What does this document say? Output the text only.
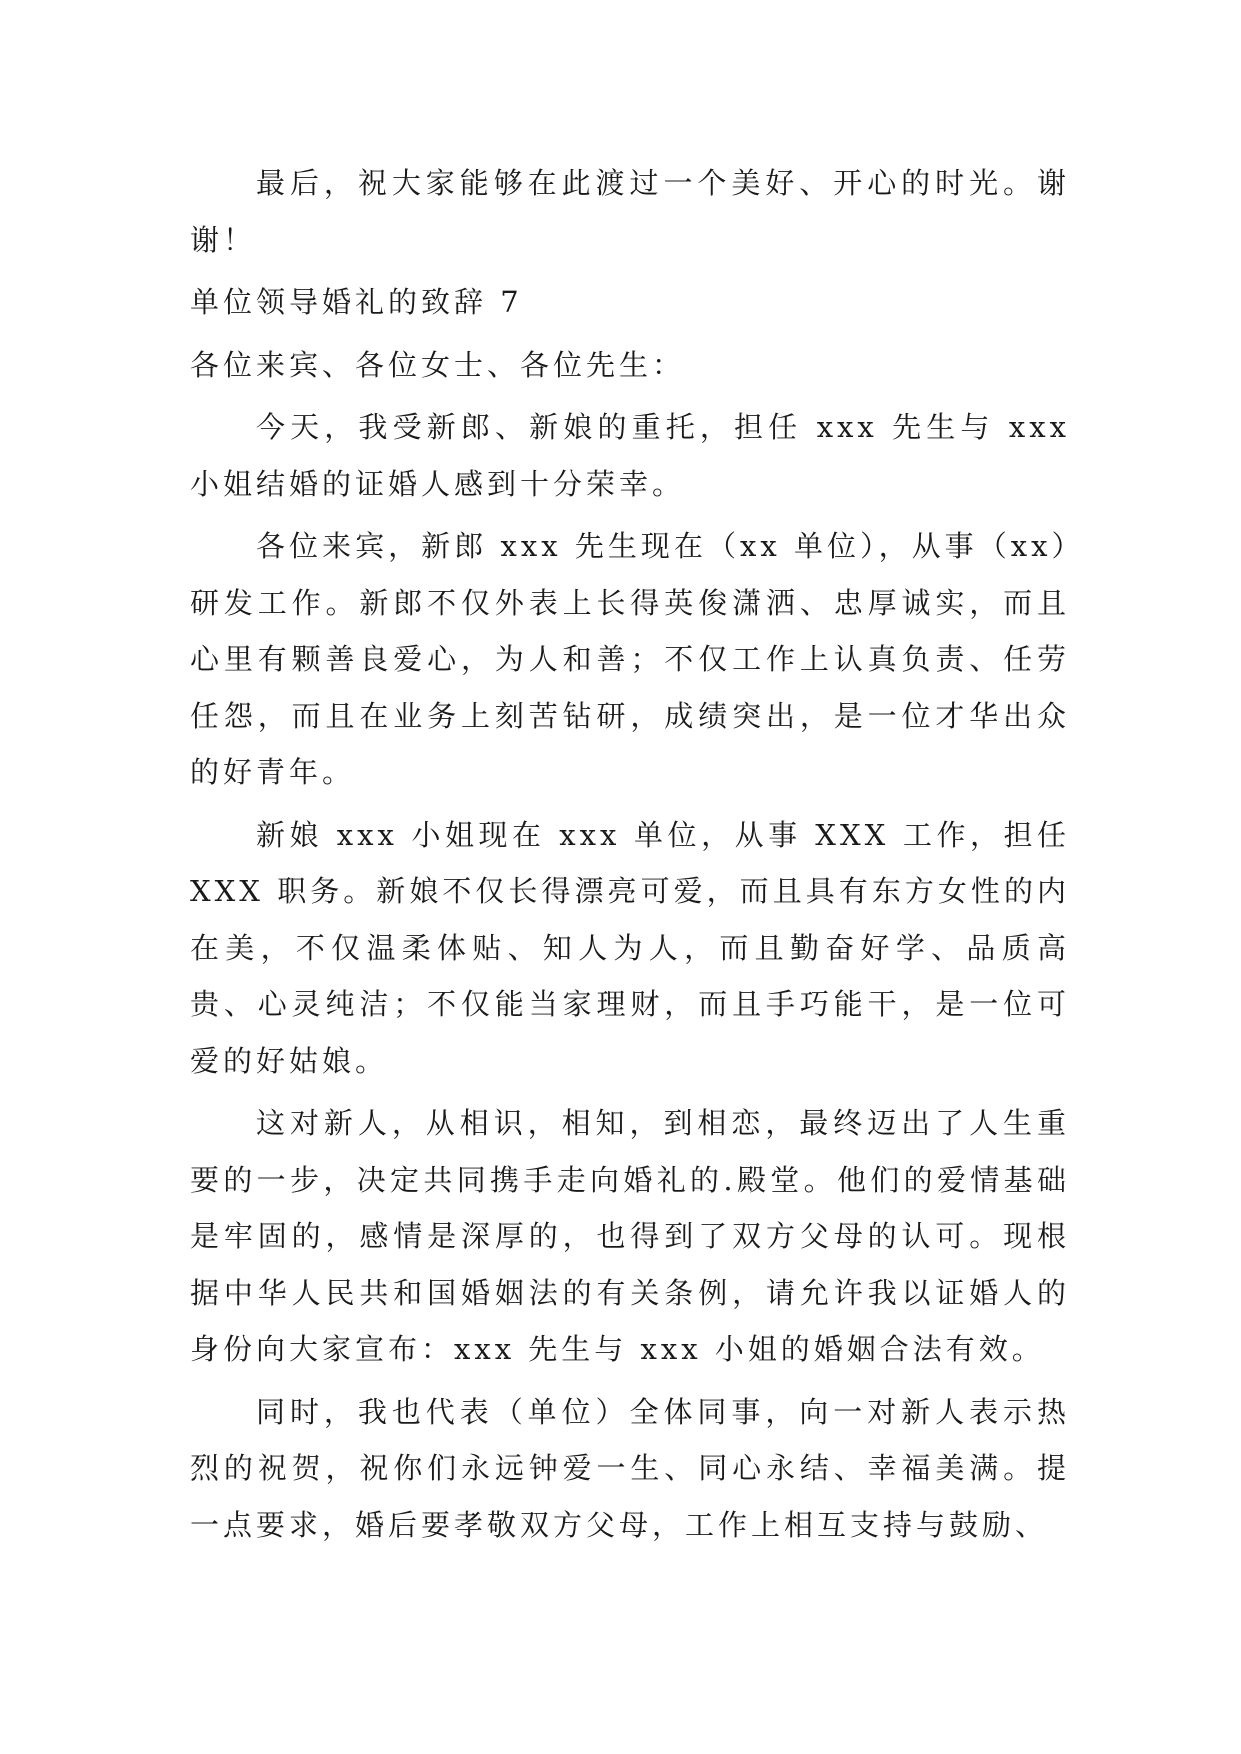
最后，祝大家能够在此渡过一个美好、开心的时光。谢谢！

单位领导婚礼的致辞 7

各位来宾、各位女士、各位先生：

今天，我受新郎、新娘的重托，担任 xxx 先生与 xxx 小姐结婚的证婚人感到十分荣幸。

各位来宾，新郎 xxx 先生现在（xx 单位），从事（xx）研发工作。新郎不仅外表上长得英俊潇洒、忠厚诚实，而且心里有颗善良爱心，为人和善；不仅工作上认真负责、任劳任怨，而且在业务上刻苦钻研，成绩突出，是一位才华出众的好青年。

新娘 xxx 小姐现在 xxx 单位，从事 XXX 工作，担任 XXX 职务。新娘不仅长得漂亮可爱，而且具有东方女性的内在美，不仅温柔体贴、知人为人，而且勤奋好学、品质高贵、心灵纯洁；不仅能当家理财，而且手巧能干，是一位可爱的好姑娘。

这对新人，从相识，相知，到相恋，最终迈出了人生重要的一步，决定共同携手走向婚礼的.殿堂。他们的爱情基础是牢固的，感情是深厚的，也得到了双方父母的认可。现根据中华人民共和国婚姻法的有关条例，请允许我以证婚人的身份向大家宣布：xxx 先生与 xxx 小姐的婚姻合法有效。

同时，我也代表（单位）全体同事，向一对新人表示热烈的祝贺，祝你们永远钟爱一生、同心永结、幸福美满。提一点要求，婚后要孝敬双方父母，工作上相互支持与鼓励、
